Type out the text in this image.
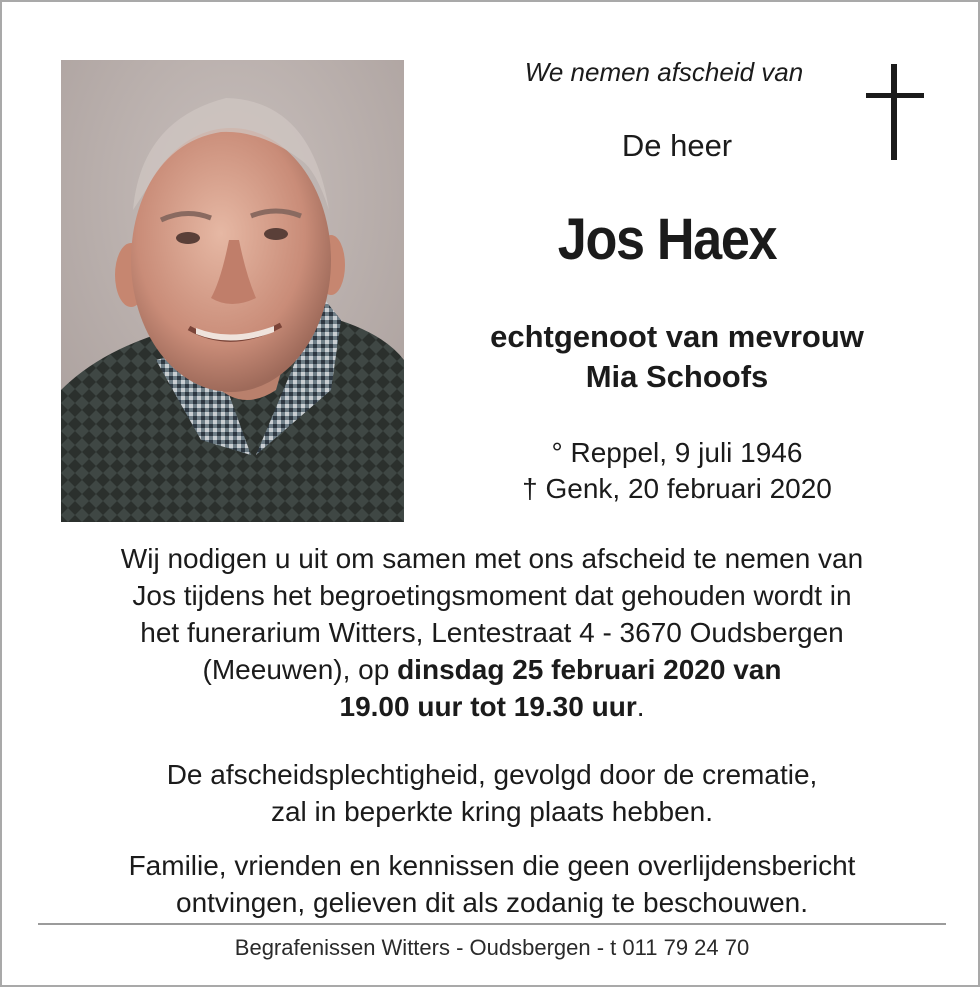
We nemen afscheid van
De heer
Jos Haex
echtgenoot van mevrouw
Mia Schoofs
° Reppel, 9 juli 1946
† Genk, 20 februari 2020
Wij nodigen u uit om samen met ons afscheid te nemen van
Jos tijdens het begroetingsmoment dat gehouden wordt in
het funerarium Witters, Lentestraat 4 - 3670 Oudsbergen
(Meeuwen), op dinsdag 25 februari 2020 van
19.00 uur tot 19.30 uur.
De afscheidsplechtigheid, gevolgd door de crematie,
zal in beperkte kring plaats hebben.
Familie, vrienden en kennissen die geen overlijdensbericht
ontvingen, gelieven dit als zodanig te beschouwen.
Begrafenissen Witters - Oudsbergen - t 011 79 24 70
